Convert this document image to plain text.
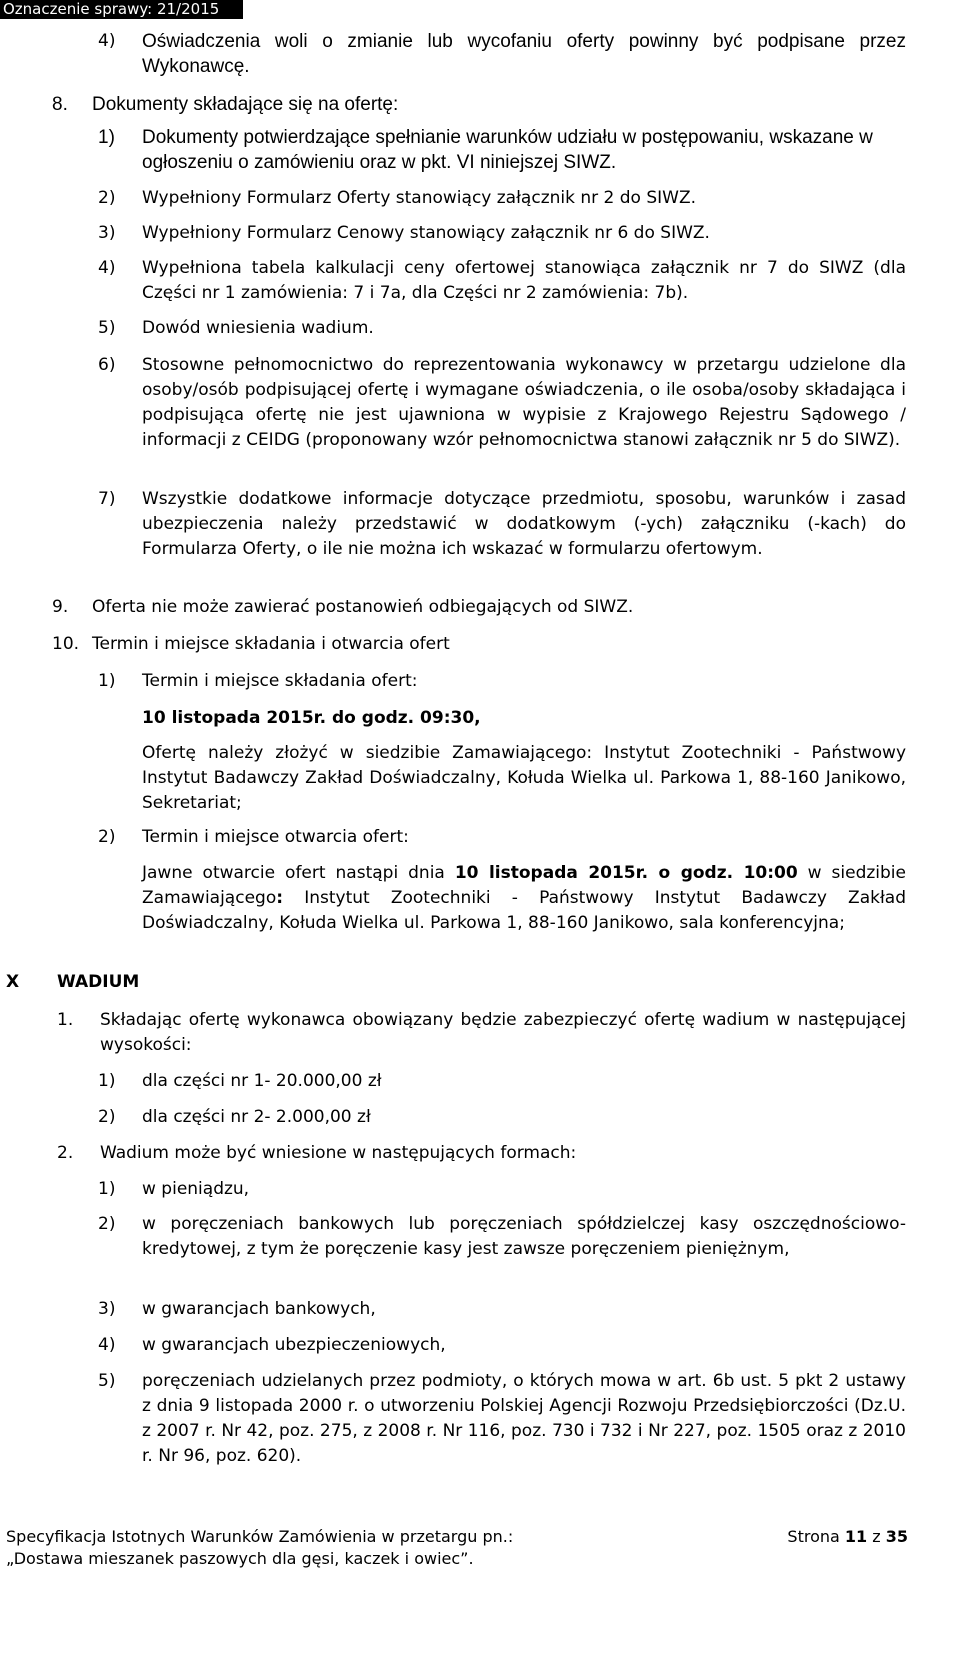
Oznaczenie sprawy: 21/2015
4) Oświadczenia woli o zmianie lub wycofaniu oferty powinny być podpisane przez Wykonawcę.
8. Dokumenty składające się na ofertę:
1) Dokumenty potwierdzające spełnianie warunków udziału w postępowaniu, wskazane w ogłoszeniu o zamówieniu oraz w pkt. VI niniejszej SIWZ.
2) Wypełniony Formularz Oferty stanowiący załącznik nr 2 do SIWZ.
3) Wypełniony Formularz Cenowy stanowiący załącznik nr 6 do SIWZ.
4) Wypełniona tabela kalkulacji ceny ofertowej stanowiąca załącznik nr 7 do SIWZ (dla Części nr 1 zamówienia: 7 i 7a, dla Części nr 2 zamówienia: 7b).
5) Dowód wniesienia wadium.
6) Stosowne pełnomocnictwo do reprezentowania wykonawcy w przetargu udzielone dla osoby/osób podpisującej ofertę i wymagane oświadczenia, o ile osoba/osoby składająca i podpisująca ofertę nie jest ujawniona w wypisie z Krajowego Rejestru Sądowego / informacji z CEIDG (proponowany wzór pełnomocnictwa stanowi załącznik nr 5 do SIWZ).
7) Wszystkie dodatkowe informacje dotyczące przedmiotu, sposobu, warunków i zasad ubezpieczenia należy przedstawić w dodatkowym (-ych) załączniku (-kach) do Formularza Oferty, o ile nie można ich wskazać w formularzu ofertowym.
9. Oferta nie może zawierać postanowień odbiegających od SIWZ.
10. Termin i miejsce składania i otwarcia ofert
1) Termin i miejsce składania ofert:
10 listopada 2015r. do godz. 09:30,
Ofertę należy złożyć w siedzibie Zamawiającego: Instytut Zootechniki - Państwowy Instytut Badawczy Zakład Doświadczalny, Kołuda Wielka ul. Parkowa 1, 88-160 Janikowo, Sekretariat;
2) Termin i miejsce otwarcia ofert:
Jawne otwarcie ofert nastąpi dnia 10 listopada 2015r. o godz. 10:00 w siedzibie Zamawiającego: Instytut Zootechniki - Państwowy Instytut Badawczy Zakład Doświadczalny, Kołuda Wielka ul. Parkowa 1, 88-160 Janikowo, sala konferencyjna;
X WADIUM
1. Składając ofertę wykonawca obowiązany będzie zabezpieczyć ofertę wadium w następującej wysokości:
1) dla części nr 1- 20.000,00 zł
2) dla części nr 2- 2.000,00 zł
2. Wadium może być wniesione w następujących formach:
1) w pieniądzu,
2) w poręczeniach bankowych lub poręczeniach spółdzielczej kasy oszczędnościowo-kredytowej, z tym że poręczenie kasy jest zawsze poręczeniem pieniężnym,
3) w gwarancjach bankowych,
4) w gwarancjach ubezpieczeniowych,
5) poręczeniach udzielanych przez podmioty, o których mowa w art. 6b ust. 5 pkt 2 ustawy z dnia 9 listopada 2000 r. o utworzeniu Polskiej Agencji Rozwoju Przedsiębiorczości (Dz.U. z 2007 r. Nr 42, poz. 275, z 2008 r. Nr 116, poz. 730 i 732 i Nr 227, poz. 1505 oraz z 2010 r. Nr 96, poz. 620).
Specyfikacja Istotnych Warunków Zamówienia w przetargu pn.:
„Dostawa mieszanek paszowych dla gęsi, kaczek i owiec”.
Strona 11 z 35
